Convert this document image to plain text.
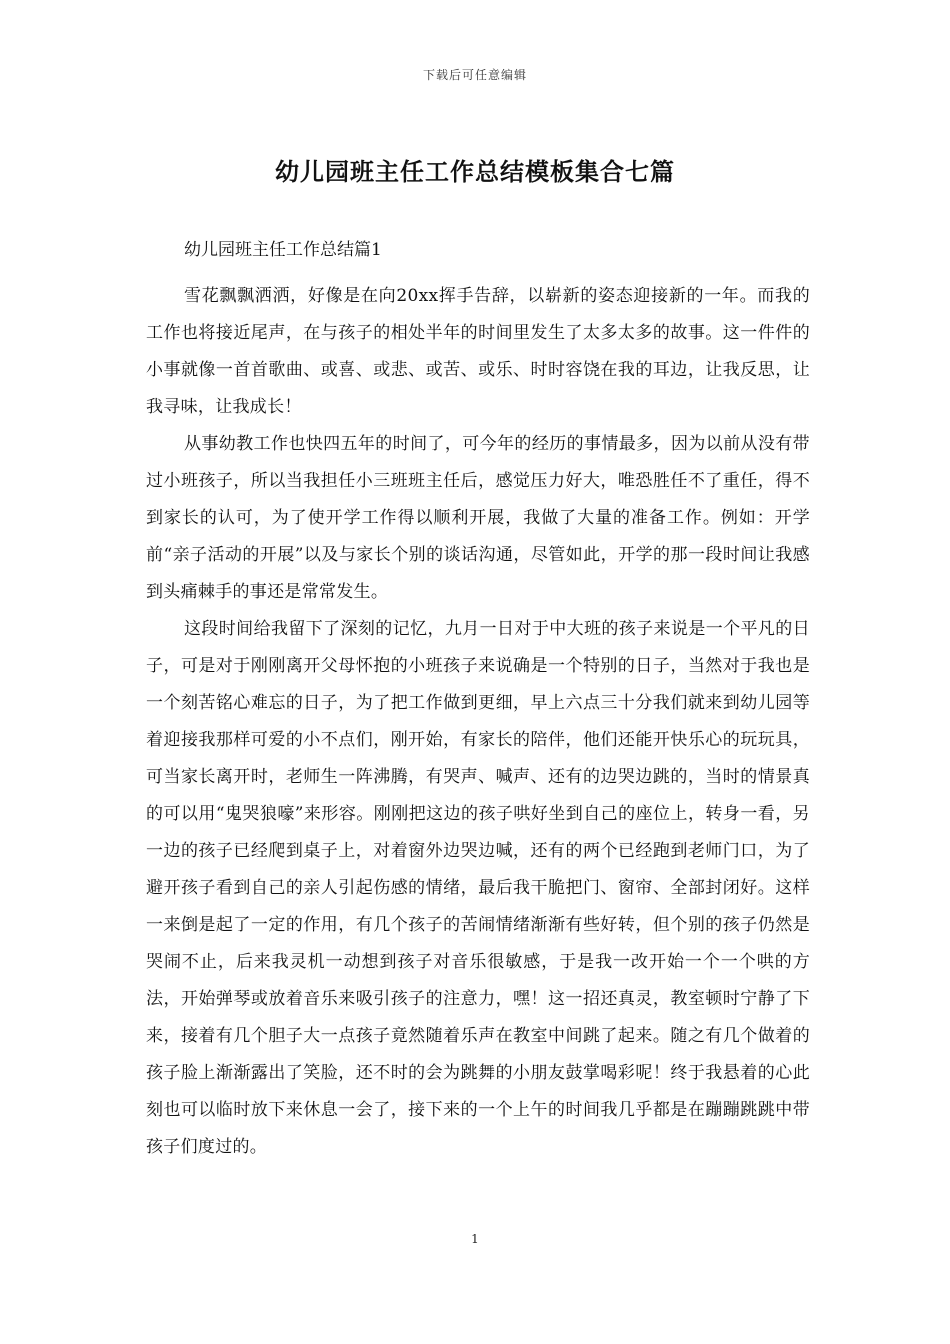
下载后可任意编辑
幼儿园班主任工作总结模板集合七篇

幼儿园班主任工作总结篇1

雪花飘飘洒洒，好像是在向20xx挥手告辞，以崭新的姿态迎接新的一年。而我的工作也将接近尾声，在与孩子的相处半年的时间里发生了太多太多的故事。这一件件的小事就像一首首歌曲、或喜、或悲、或苦、或乐、时时容饶在我的耳边，让我反思，让我寻味，让我成长！

从事幼教工作也快四五年的时间了，可今年的经历的事情最多，因为以前从没有带过小班孩子，所以当我担任小三班班主任后，感觉压力好大，唯恐胜任不了重任，得不到家长的认可，为了使开学工作得以顺利开展，我做了大量的准备工作。例如：开学前“亲子活动的开展”以及与家长个别的谈话沟通，尽管如此，开学的那一段时间让我感到头痛棘手的事还是常常发生。

这段时间给我留下了深刻的记忆，九月一日对于中大班的孩子来说是一个平凡的日子，可是对于刚刚离开父母怀抱的小班孩子来说确是一个特别的日子，当然对于我也是一个刻苦铭心难忘的日子，为了把工作做到更细，早上六点三十分我们就来到幼儿园等着迎接我那样可爱的小不点们，刚开始，有家长的陪伴，他们还能开快乐心的玩玩具，可当家长离开时，老师生一阵沸腾，有哭声、喊声、还有的边哭边跳的，当时的情景真的可以用“鬼哭狼嚎”来形容。刚刚把这边的孩子哄好坐到自己的座位上，转身一看，另一边的孩子已经爬到桌子上，对着窗外边哭边喊，还有的两个已经跑到老师门口，为了避开孩子看到自己的亲人引起伤感的情绪，最后我干脆把门、窗帘、全部封闭好。这样一来倒是起了一定的作用，有几个孩子的苦闹情绪渐渐有些好转，但个别的孩子仍然是哭闹不止，后来我灵机一动想到孩子对音乐很敏感，于是我一改开始一个一个哄的方法，开始弹琴或放着音乐来吸引孩子的注意力，嘿！这一招还真灵，教室顿时宁静了下来，接着有几个胆子大一点孩子竟然随着乐声在教室中间跳了起来。随之有几个做着的孩子脸上渐渐露出了笑脸，还不时的会为跳舞的小朋友鼓掌喝彩呢！终于我悬着的心此刻也可以临时放下来休息一会了，接下来的一个上午的时间我几乎都是在蹦蹦跳跳中带孩子们度过的。

1
